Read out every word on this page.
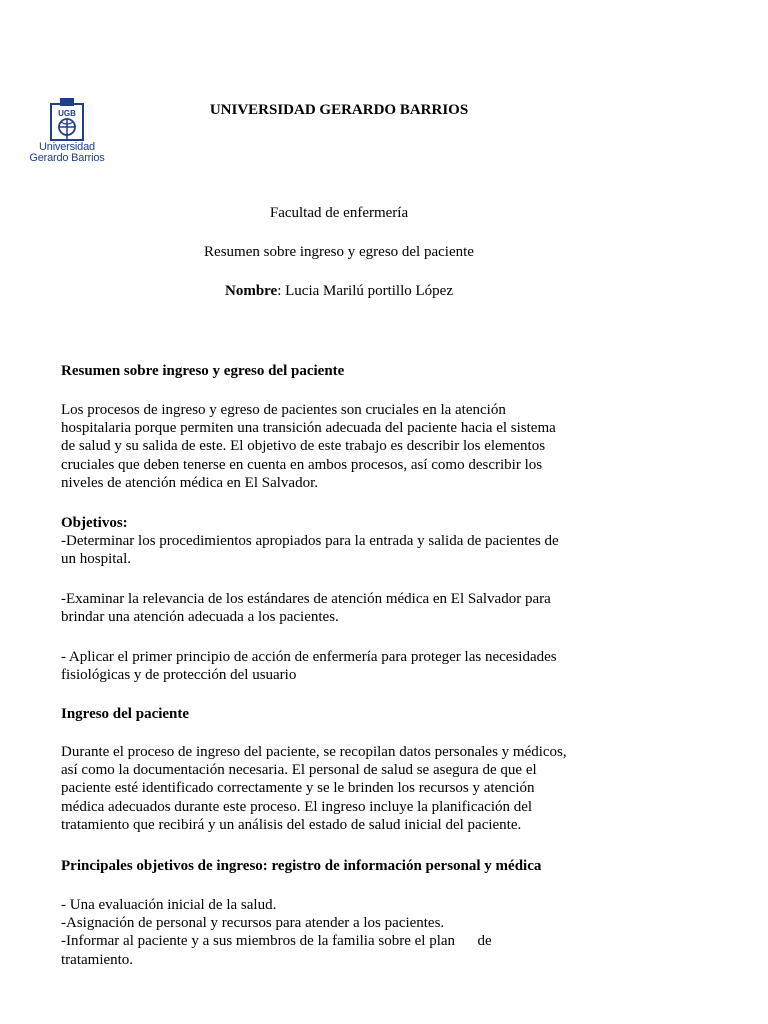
UGB
Universidad
Gerardo Barrios
UNIVERSIDAD GERARDO BARRIOS
Facultad de enfermería
Resumen sobre ingreso y egreso del paciente
Nombre: Lucia Marilú portillo López
Resumen sobre ingreso y egreso del paciente

Los procesos de ingreso y egreso de pacientes son cruciales en la atención

hospitalaria porque permiten una transición adecuada del paciente hacia el sistema

de salud y su salida de este. El objetivo de este trabajo es describir los elementos

cruciales que deben tenerse en cuenta en ambos procesos, así como describir los

niveles de atención médica en El Salvador.

Objetivos:

-Determinar los procedimientos apropiados para la entrada y salida de pacientes de

un hospital.

-Examinar la relevancia de los estándares de atención médica en El Salvador para

brindar una atención adecuada a los pacientes.

- Aplicar el primer principio de acción de enfermería para proteger las necesidades

fisiológicas y de protección del usuario

Ingreso del paciente

Durante el proceso de ingreso del paciente, se recopilan datos personales y médicos,

así como la documentación necesaria. El personal de salud se asegura de que el

paciente esté identificado correctamente y se le brinden los recursos y atención

médica adecuados durante este proceso. El ingreso incluye la planificación del

tratamiento que recibirá y un análisis del estado de salud inicial del paciente.

Principales objetivos de ingreso: registro de información personal y médica

- Una evaluación inicial de la salud.

-Asignación de personal y recursos para atender a los pacientes.

-Informar al paciente y a sus miembros de la familia sobre el plan      de

tratamiento.
